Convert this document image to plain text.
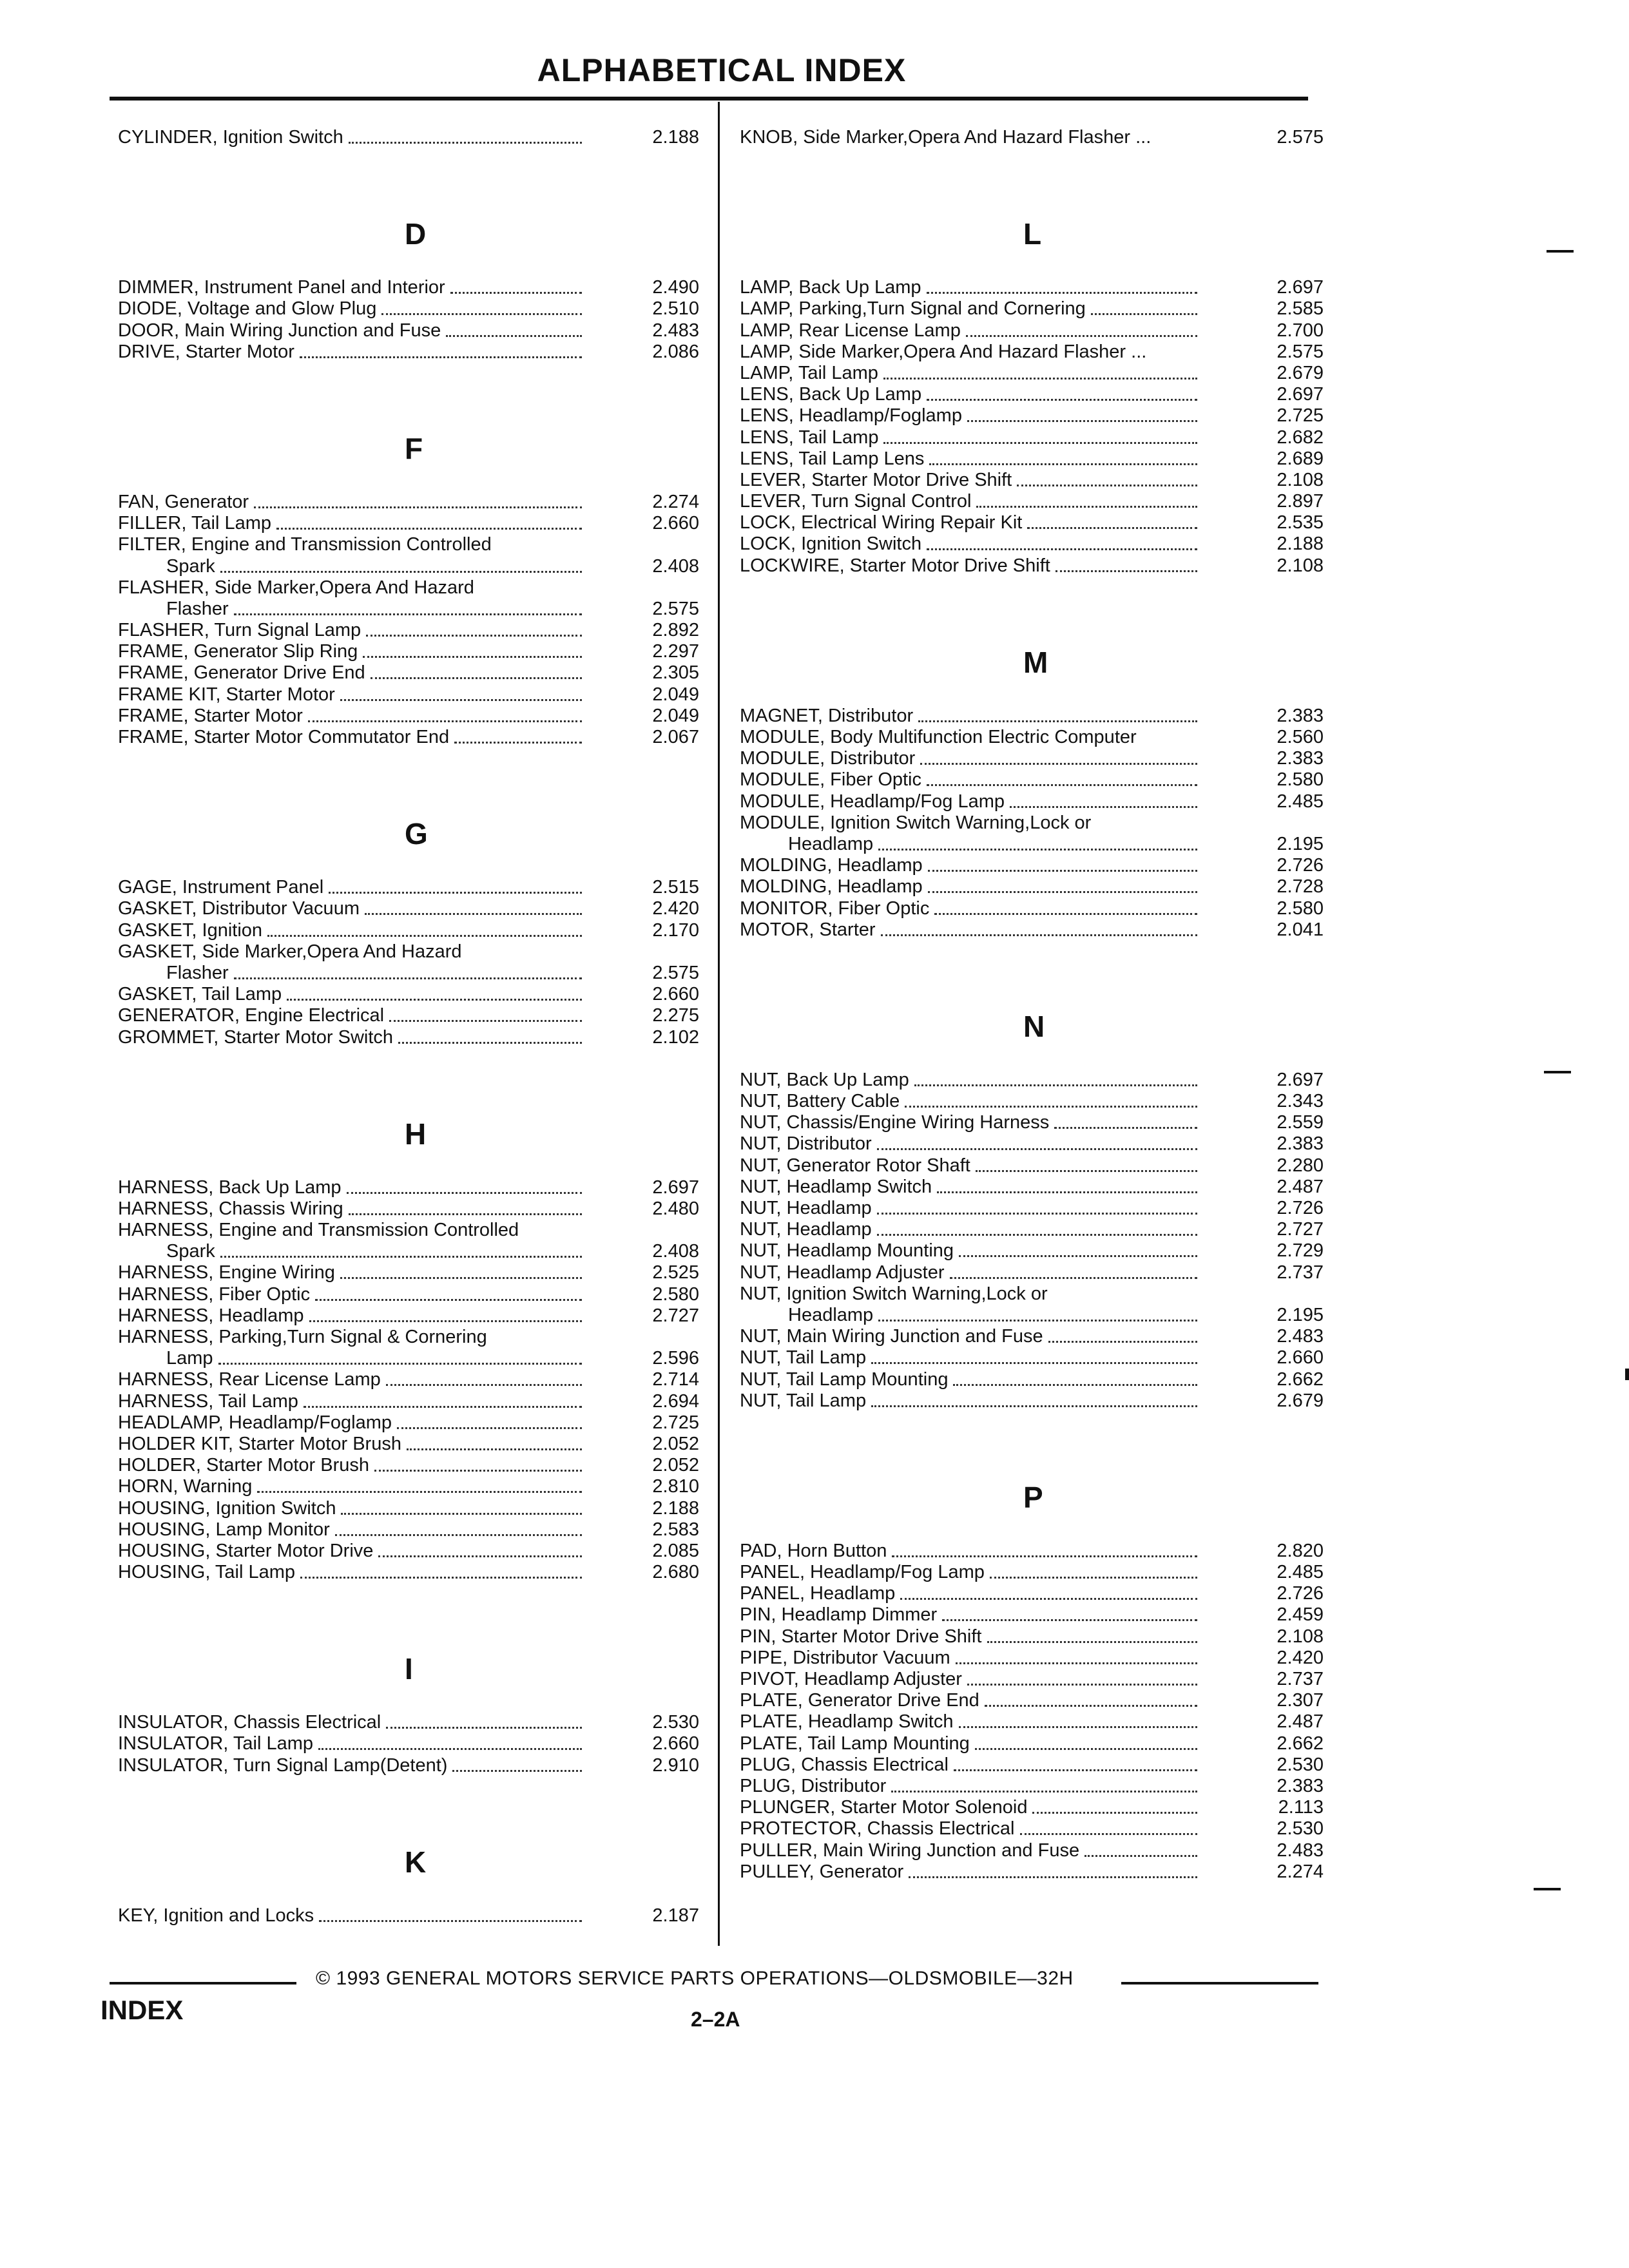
ALPHABETICAL INDEX
CYLINDER, Ignition Switch	2.188
D
DIMMER, Instrument Panel and Interior	2.490
DIODE, Voltage and Glow Plug	2.510
DOOR, Main Wiring Junction and Fuse	2.483
DRIVE, Starter Motor	2.086
F
FAN, Generator	2.274
FILLER, Tail Lamp	2.660
FILTER, Engine and Transmission Controlled
Spark	2.408
FLASHER, Side Marker,Opera And Hazard
Flasher	2.575
FLASHER, Turn Signal Lamp	2.892
FRAME, Generator Slip Ring	2.297
FRAME, Generator Drive End	2.305
FRAME KIT, Starter Motor	2.049
FRAME, Starter Motor	2.049
FRAME, Starter Motor Commutator End	2.067
G
GAGE, Instrument Panel	2.515
GASKET, Distributor Vacuum	2.420
GASKET, Ignition	2.170
GASKET, Side Marker,Opera And Hazard
Flasher	2.575
GASKET, Tail Lamp	2.660
GENERATOR, Engine Electrical	2.275
GROMMET, Starter Motor Switch	2.102
H
HARNESS, Back Up Lamp	2.697
HARNESS, Chassis Wiring	2.480
HARNESS, Engine and Transmission Controlled
Spark	2.408
HARNESS, Engine Wiring	2.525
HARNESS, Fiber Optic	2.580
HARNESS, Headlamp	2.727
HARNESS, Parking,Turn Signal & Cornering
Lamp	2.596
HARNESS, Rear License Lamp	2.714
HARNESS, Tail Lamp	2.694
HEADLAMP, Headlamp/Foglamp	2.725
HOLDER KIT, Starter Motor Brush	2.052
HOLDER, Starter Motor Brush	2.052
HORN, Warning	2.810
HOUSING, Ignition Switch	2.188
HOUSING, Lamp Monitor	2.583
HOUSING, Starter Motor Drive	2.085
HOUSING, Tail Lamp	2.680
I
INSULATOR, Chassis Electrical	2.530
INSULATOR, Tail Lamp	2.660
INSULATOR, Turn Signal Lamp(Detent)	2.910
K
KEY, Ignition and Locks	2.187
KNOB, Side Marker,Opera And Hazard Flasher ...	2.575
L
LAMP, Back Up Lamp	2.697
LAMP, Parking,Turn Signal and Cornering	2.585
LAMP, Rear License Lamp	2.700
LAMP, Side Marker,Opera And Hazard Flasher ...	2.575
LAMP, Tail Lamp	2.679
LENS, Back Up Lamp	2.697
LENS, Headlamp/Foglamp	2.725
LENS, Tail Lamp	2.682
LENS, Tail Lamp Lens	2.689
LEVER, Starter Motor Drive Shift	2.108
LEVER, Turn Signal Control	2.897
LOCK, Electrical Wiring Repair Kit	2.535
LOCK, Ignition Switch	2.188
LOCKWIRE, Starter Motor Drive Shift	2.108
M
MAGNET, Distributor	2.383
MODULE, Body Multifunction Electric Computer	2.560
MODULE, Distributor	2.383
MODULE, Fiber Optic	2.580
MODULE, Headlamp/Fog Lamp	2.485
MODULE, Ignition Switch Warning,Lock or
Headlamp	2.195
MOLDING, Headlamp	2.726
MOLDING, Headlamp	2.728
MONITOR, Fiber Optic	2.580
MOTOR, Starter	2.041
N
NUT, Back Up Lamp	2.697
NUT, Battery Cable	2.343
NUT, Chassis/Engine Wiring Harness	2.559
NUT, Distributor	2.383
NUT, Generator Rotor Shaft	2.280
NUT, Headlamp Switch	2.487
NUT, Headlamp	2.726
NUT, Headlamp	2.727
NUT, Headlamp Mounting	2.729
NUT, Headlamp Adjuster	2.737
NUT, Ignition Switch Warning,Lock or
Headlamp	2.195
NUT, Main Wiring Junction and Fuse	2.483
NUT, Tail Lamp	2.660
NUT, Tail Lamp Mounting	2.662
NUT, Tail Lamp	2.679
P
PAD, Horn Button	2.820
PANEL, Headlamp/Fog Lamp	2.485
PANEL, Headlamp	2.726
PIN, Headlamp Dimmer	2.459
PIN, Starter Motor Drive Shift	2.108
PIPE, Distributor Vacuum	2.420
PIVOT, Headlamp Adjuster	2.737
PLATE, Generator Drive End	2.307
PLATE, Headlamp Switch	2.487
PLATE, Tail Lamp Mounting	2.662
PLUG, Chassis Electrical	2.530
PLUG, Distributor	2.383
PLUNGER, Starter Motor Solenoid	2.113
PROTECTOR, Chassis Electrical	2.530
PULLER, Main Wiring Junction and Fuse	2.483
PULLEY, Generator	2.274
© 1993 GENERAL MOTORS SERVICE PARTS OPERATIONS—OLDSMOBILE—32H
INDEX	2–2A
